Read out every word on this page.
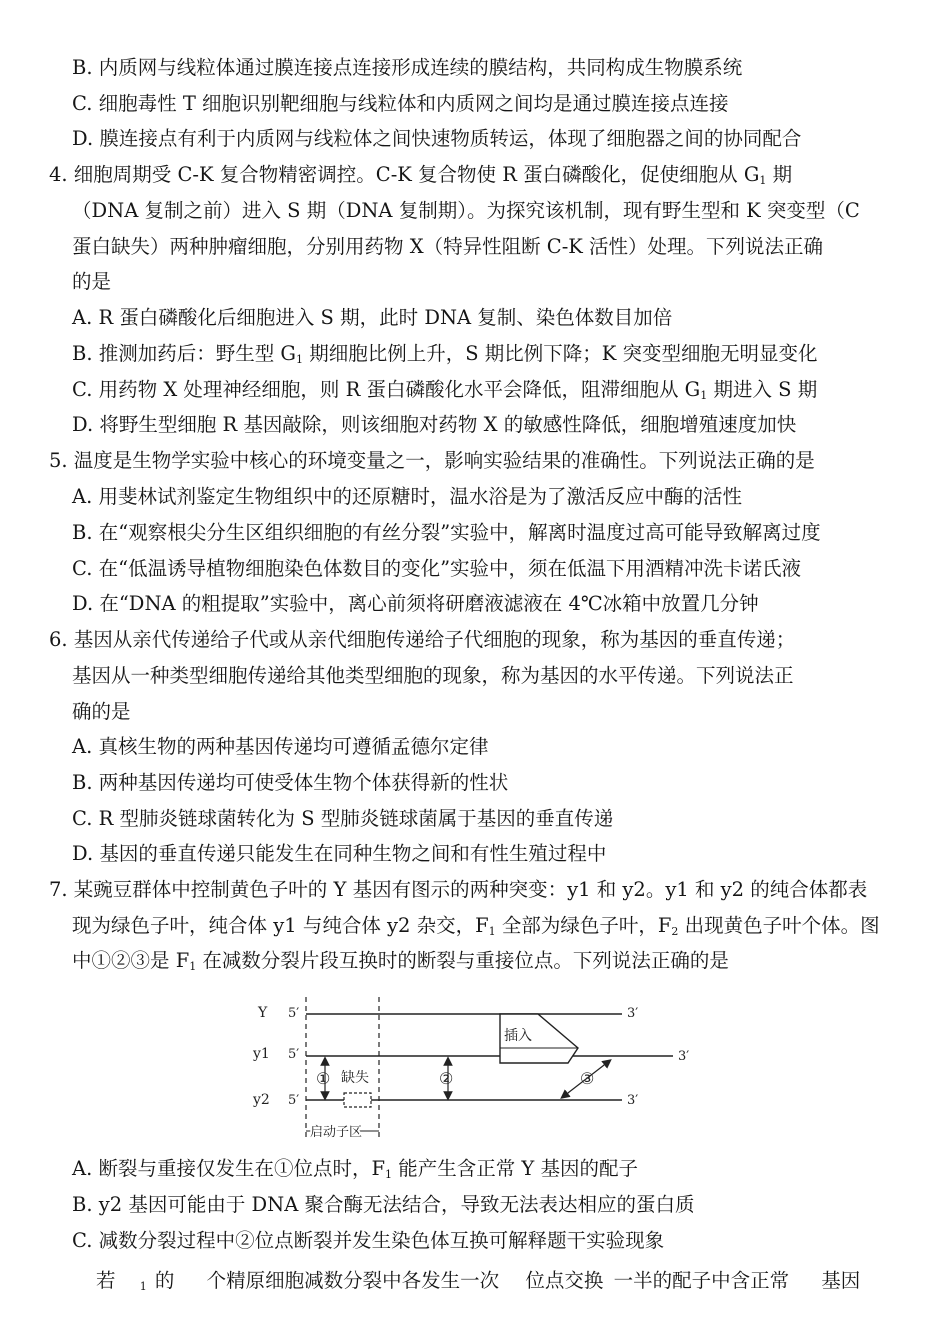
B. 内质网与线粒体通过膜连接点连接形成连续的膜结构，共同构成生物膜系统
C. 细胞毒性 T 细胞识别靶细胞与线粒体和内质网之间均是通过膜连接点连接
D. 膜连接点有利于内质网与线粒体之间快速物质转运，体现了细胞器之间的协同配合
4. 细胞周期受 C-K 复合物精密调控。C-K 复合物使 R 蛋白磷酸化，促使细胞从 $G_1$ 期
（DNA 复制之前）进入 S 期（DNA 复制期）。为探究该机制，现有野生型和 K 突变型（C
蛋白缺失）两种肿瘤细胞，分别用药物 X（特异性阻断 C-K 活性）处理。下列说法正确
的是
A. R 蛋白磷酸化后细胞进入 S 期，此时 DNA 复制、染色体数目加倍
B. 推测加药后：野生型 $G_1$ 期细胞比例上升，S 期比例下降；K 突变型细胞无明显变化
C. 用药物 X 处理神经细胞，则 R 蛋白磷酸化水平会降低，阻滞细胞从 $G_1$ 期进入 S 期
D. 将野生型细胞 R 基因敲除，则该细胞对药物 X 的敏感性降低，细胞增殖速度加快
5. 温度是生物学实验中核心的环境变量之一，影响实验结果的准确性。下列说法正确的是
A. 用斐林试剂鉴定生物组织中的还原糖时，温水浴是为了激活反应中酶的活性
B. 在“观察根尖分生区组织细胞的有丝分裂”实验中，解离时温度过高可能导致解离过度
C. 在“低温诱导植物细胞染色体数目的变化”实验中，须在低温下用酒精冲洗卡诺氏液
D. 在“DNA 的粗提取”实验中，离心前须将研磨液滤液在 4℃冰箱中放置几分钟
6. 基因从亲代传递给子代或从亲代细胞传递给子代细胞的现象，称为基因的垂直传递；
基因从一种类型细胞传递给其他类型细胞的现象，称为基因的水平传递。下列说法正
确的是
A. 真核生物的两种基因传递均可遵循孟德尔定律
B. 两种基因传递均可使受体生物个体获得新的性状
C. R 型肺炎链球菌转化为 S 型肺炎链球菌属于基因的垂直传递
D. 基因的垂直传递只能发生在同种生物之间和有性生殖过程中
7. 某豌豆群体中控制黄色子叶的 Y 基因有图示的两种突变：y1 和 y2。y1 和 y2 的纯合体都表
现为绿色子叶，纯合体 y1 与纯合体 y2 杂交，$F_1$ 全部为绿色子叶，$F_2$ 出现黄色子叶个体。图
中①②③是 $F_1$ 在减数分裂片段互换时的断裂与重接位点。下列说法正确的是
Y
y1
y2
5′
5′
5′
3′
3′
3′
插入
① 缺失	②	③
启动子区
A. 断裂与重接仅发生在①位点时，$F_1$ 能产生含正常 Y 基因的配子
B. y2 基因可能由于 DNA 聚合酶无法结合，导致无法表达相应的蛋白质
C. 减数分裂过程中②位点断裂并发生染色体互换可解释题干实验现象
若 $_1$ 的 个精原细胞减数分裂中各发生一次 位点交换 一半的配子中含正常 基因
